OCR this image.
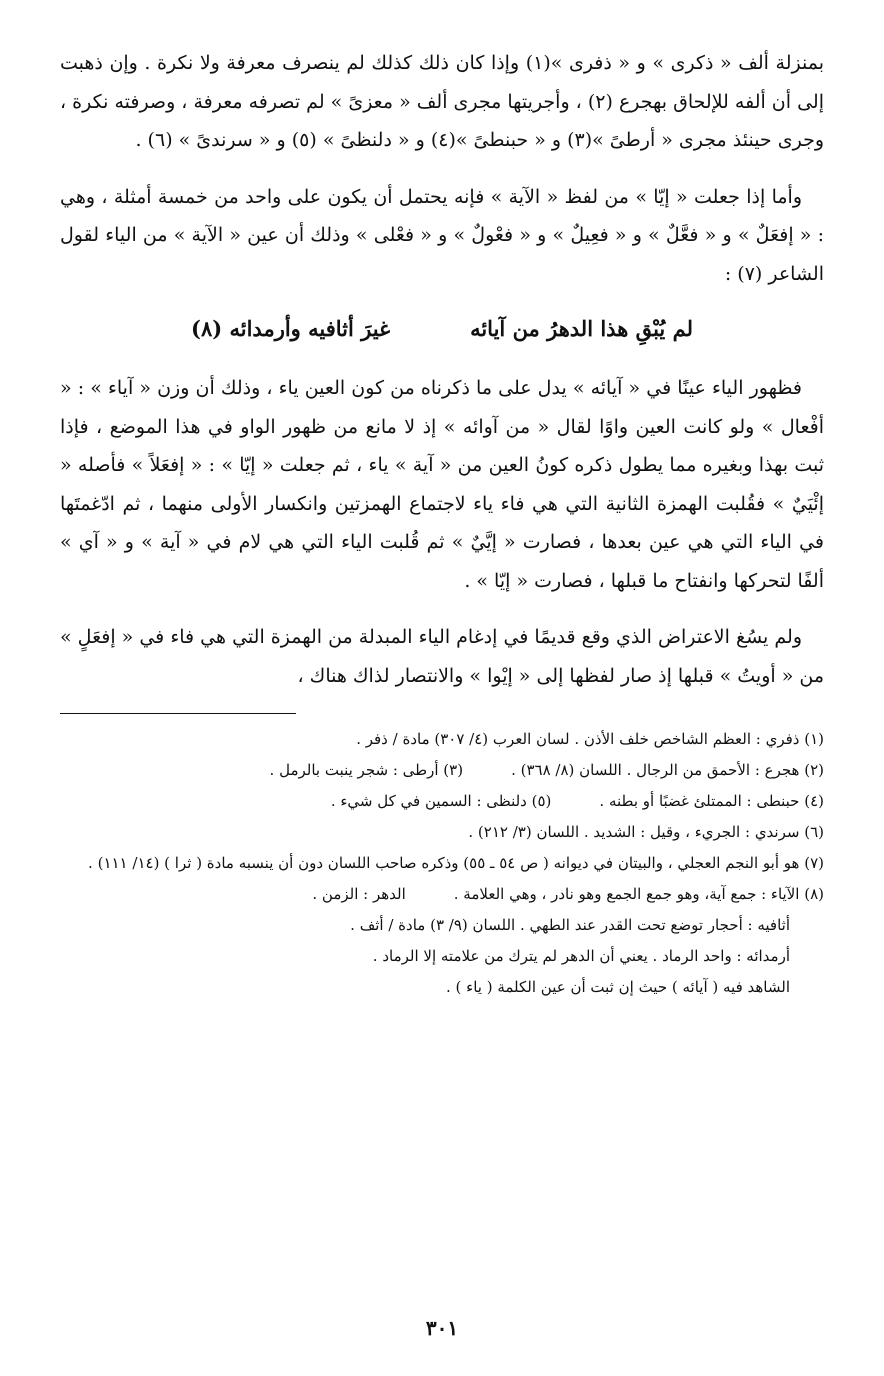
بمنزلة ألف « ذكرى » و « ذفرى »(١) وإذا كان ذلك كذلك لم ينصرف معرفة ولا نكرة . وإن ذهبت إلى أن ألفه للإلحاق بهجرع (٢) ، وأجريتها مجرى ألف « معزىً » لم تصرفه معرفة ، وصرفته نكرة ، وجرى حينئذ مجرى « أرطىً »(٣) و « حبنطىً »(٤) و « دلنظىً » (٥) و « سرندىً » (٦) .

وأما إذا جعلت « إيّا » من لفظ « الآية » فإنه يحتمل أن يكون على واحد من خمسة أمثلة ، وهي : « إفعَلٌ » و « فعَّلٌ » و « فعِيلٌ » و « فعْولٌ » و « فعْلى » وذلك أن عين « الآية » من الياء لقول الشاعر (٧) :

لم يُبْقِ هذا الدهرُ من آيائه
غيرَ أثافيه وأرمدائه (٨)

فظهور الياء عينًا في « آيائه » يدل على ما ذكرناه من كون العين ياء ، وذلك أن وزن « آياء » : « أفْعال » ولو كانت العين واوًا لقال « من آوائه » إذ لا مانع من ظهور الواو في هذا الموضع ، فإذا ثبت بهذا وبغيره مما يطول ذكره كونُ العين من « آية » ياء ، ثم جعلت « إيّا » : « إفعَلاً » فأصله « إئْيَيٌ » فقُلبت الهمزة الثانية التي هي فاء ياء لاجتماع الهمزتين وانكسار الأولى منهما ، ثم ادّغمتَها في الياء التي هي عين بعدها ، فصارت « إيَّيٌ » ثم قُلبت الياء التي هي لام في « آية » و « آي » ألفًا لتحركها وانفتاح ما قبلها ، فصارت « إيّا » .

ولم يسُغ الاعتراض الذي وقع قديمًا في إدغام الياء المبدلة من الهمزة التي هي فاء في « إفعَلٍ » من « أويتُ » قبلها إذ صار لفظها إلى « إيْوا » والانتصار لذاك هناك ،

(١) ذفري : العظم الشاخص خلف الأذن . لسان العرب (٤/ ٣٠٧) مادة / ذفر .

(٢) هجرع : الأحمق من الرجال . اللسان (٨/ ٣٦٨) .
(٣) أرطى : شجر ينبت بالرمل .
(٤) حبنطى : الممتلئ غضبًا أو بطنه .
(٥) دلنظى : السمين في كل شيء .

(٦) سرندي : الجريء ، وقيل : الشديد . اللسان (٣/ ٢١٢) .

(٧) هو أبو النجم العجلي ، والبيتان في ديوانه ( ص ٥٤ ـ ٥٥) وذكره صاحب اللسان دون أن ينسبه مادة ( ثرا ) (١٤/ ١١١) .

(٨) الآياء : جمع آية، وهو جمع الجمع وهو نادر ، وهي العلامة .
الدهر : الزمن .

أثافيه : أحجار توضع تحت القدر عند الطهي . اللسان (٩/ ٣) مادة / أثف .

أرمدائه : واحد الرماد . يعني أن الدهر لم يترك من علامته إلا الرماد .

الشاهد فيه ( آيائه ) حيث إن ثبت أن عين الكلمة ( ياء ) .

٣٠١
